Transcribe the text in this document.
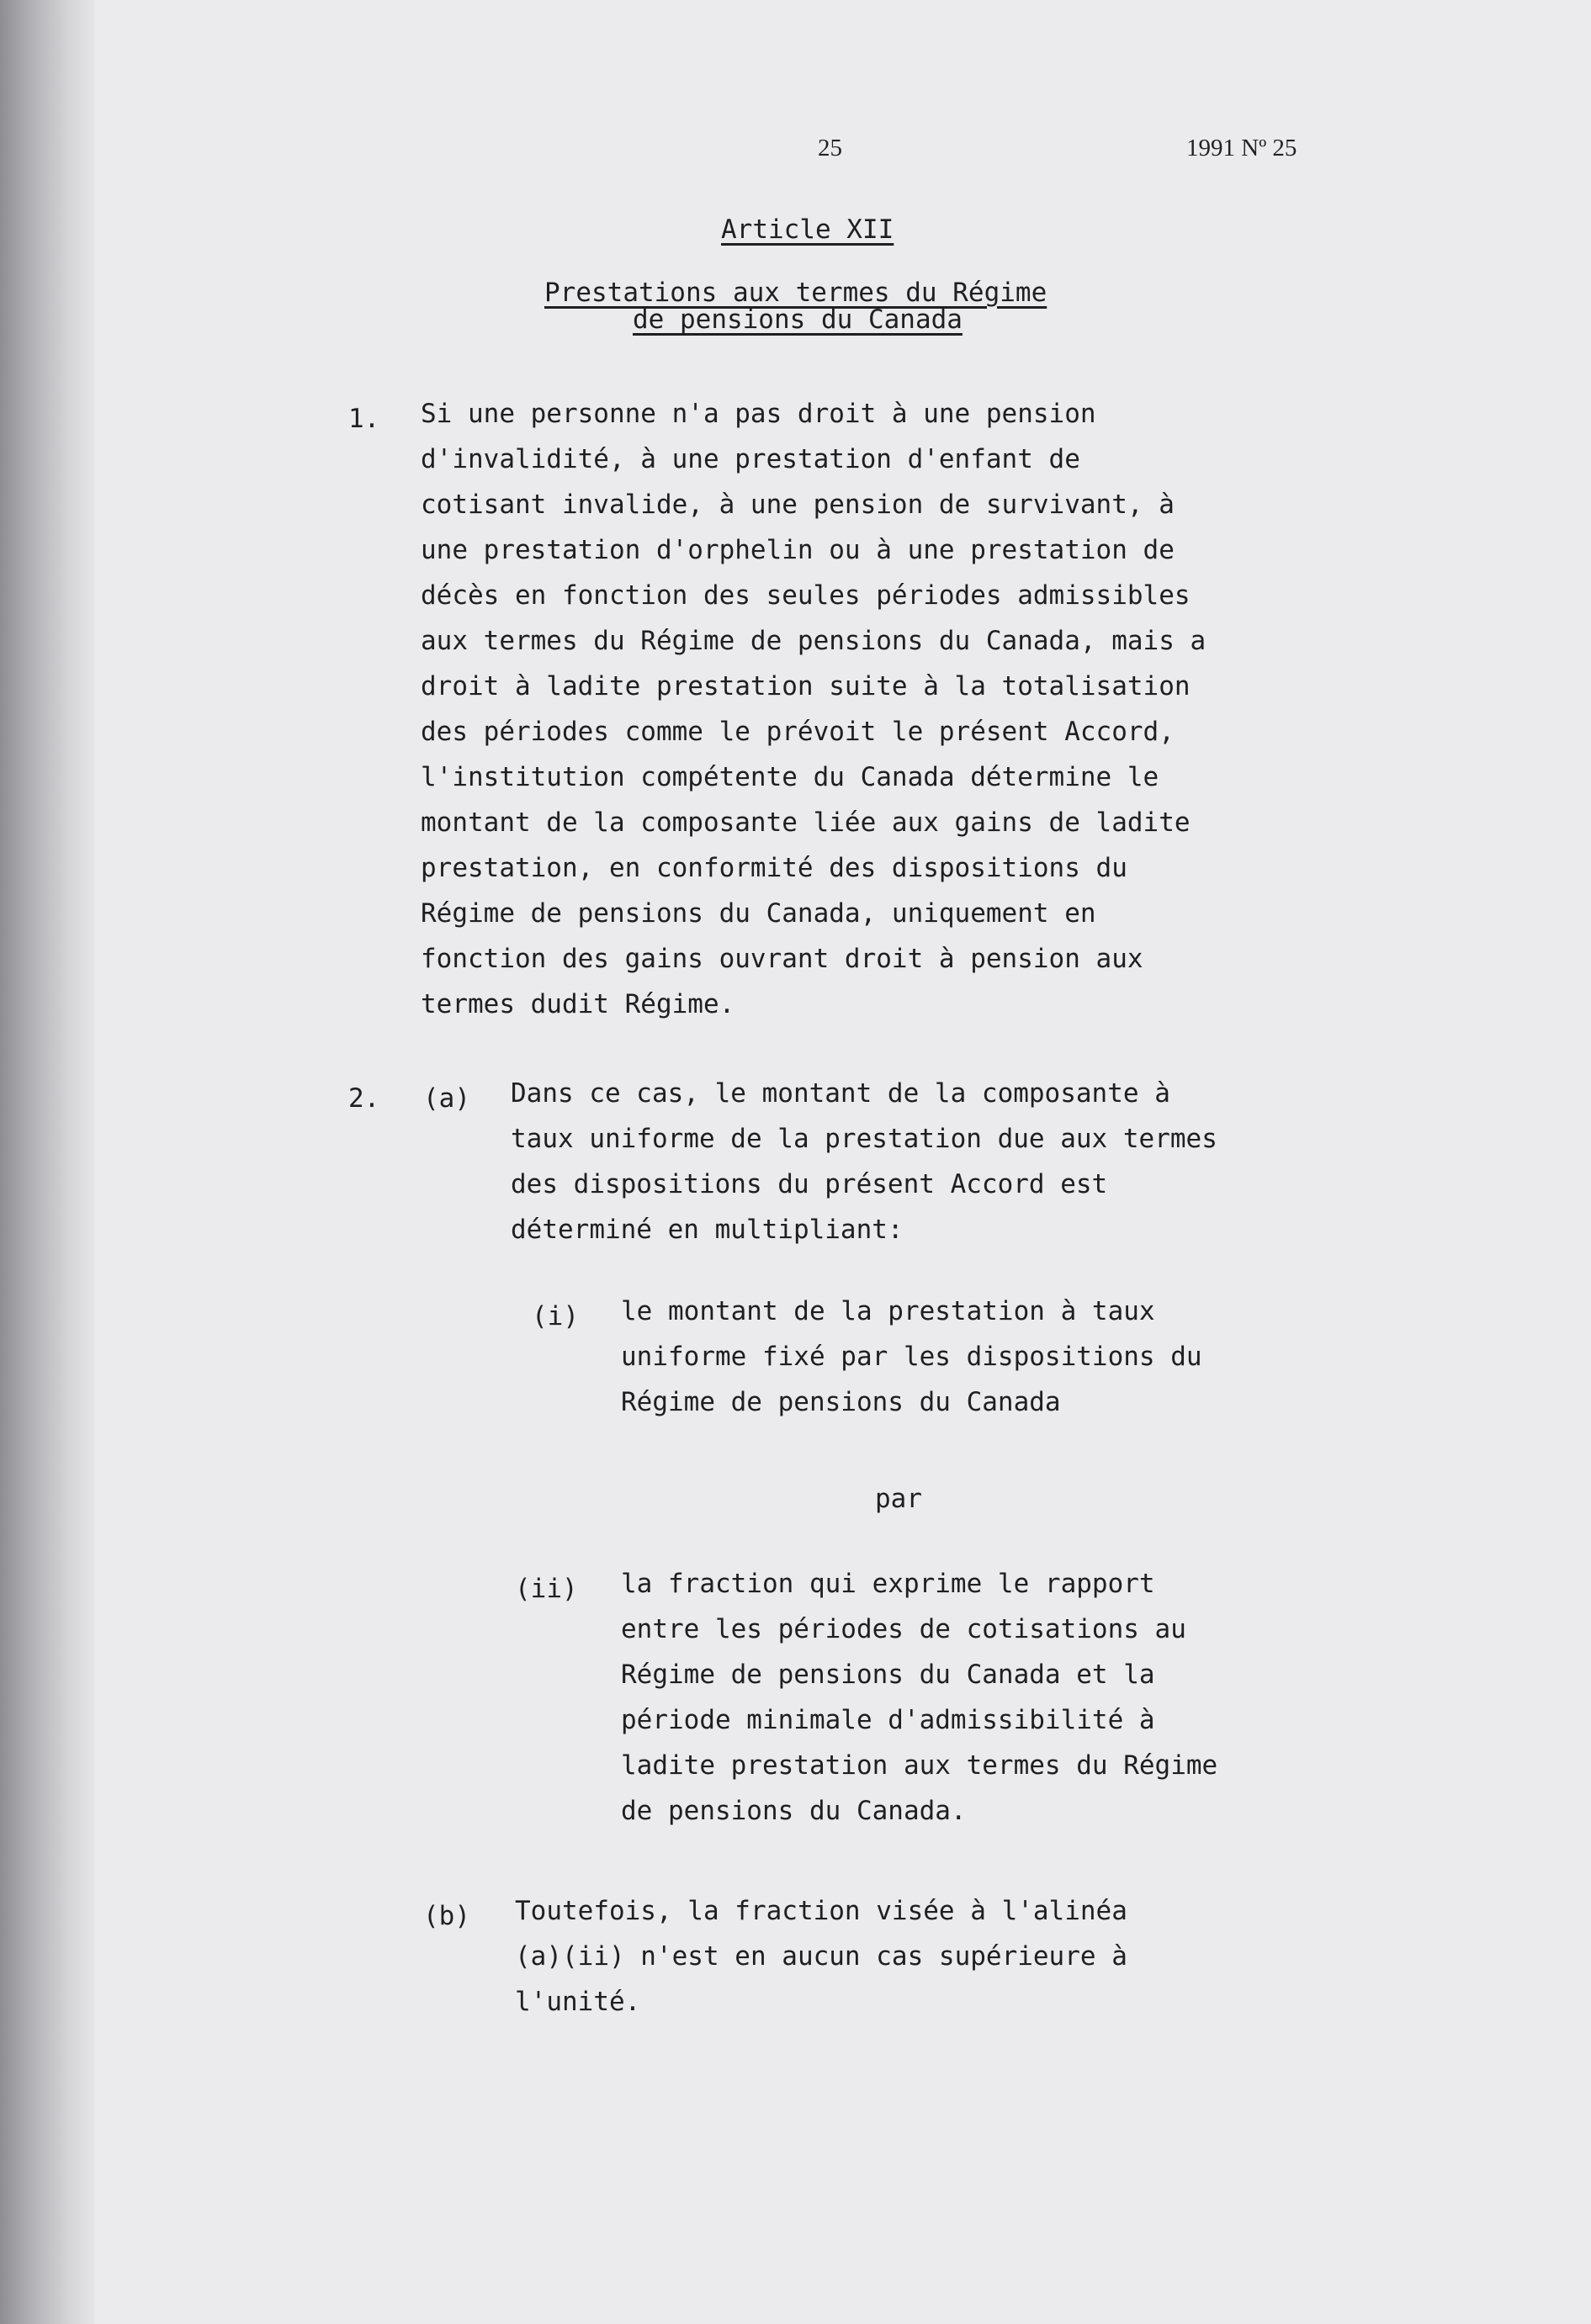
25	1991 Nº 25
Article XII
Prestations aux termes du Régime
de pensions du Canada
1. Si une personne n'a pas droit à une pension
d'invalidité, à une prestation d'enfant de
cotisant invalide, à une pension de survivant, à
une prestation d'orphelin ou à une prestation de
décès en fonction des seules périodes admissibles
aux termes du Régime de pensions du Canada, mais a
droit à ladite prestation suite à la totalisation
des périodes comme le prévoit le présent Accord,
l'institution compétente du Canada détermine le
montant de la composante liée aux gains de ladite
prestation, en conformité des dispositions du
Régime de pensions du Canada, uniquement en
fonction des gains ouvrant droit à pension aux
termes dudit Régime.
2. (a) Dans ce cas, le montant de la composante à
taux uniforme de la prestation due aux termes
des dispositions du présent Accord est
déterminé en multipliant:
(i) le montant de la prestation à taux
uniforme fixé par les dispositions du
Régime de pensions du Canada
par
(ii) la fraction qui exprime le rapport
entre les périodes de cotisations au
Régime de pensions du Canada et la
période minimale d'admissibilité à
ladite prestation aux termes du Régime
de pensions du Canada.
(b) Toutefois, la fraction visée à l'alinéa
(a)(ii) n'est en aucun cas supérieure à
l'unité.
